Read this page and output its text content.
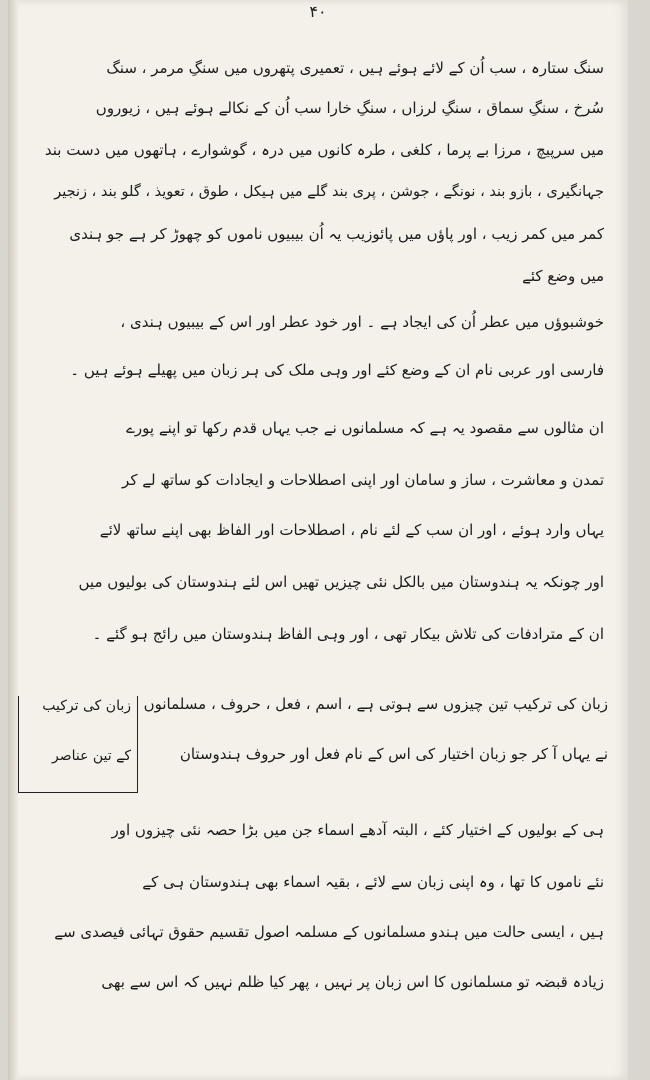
۴۰
سنگ ستارہ ، سب اُن کے لائے ہوئے ہیں ، تعمیری پتھروں میں سنگِ مرمر ، سنگ
سُرخ ، سنگِ سماق ، سنگِ لرزاں ، سنگِ خارا سب اُن کے نکالے ہوئے ہیں ، زیوروں
میں سرپیچ ، مرزا بے پرما ، کلغی ، طرہ کانوں میں درہ ، گوشوارے ، ہاتھوں میں دست بند
جہانگیری ، بازو بند ، نونگے ، جوشن ، پری بند گلے میں ہیکل ، طوق ، تعویذ ، گلو بند ، زنجیر
کمر میں کمر زیب ، اور پاؤں میں پائوزیب یہ اُن بیبیوں ناموں کو چھوڑ کر ہے جو ہندی
میں وضع کئے
خوشبوؤں میں عطر اُن کی ایجاد ہے ۔ اور خود عطر اور اس کے بیبیوں ہندی ،
فارسی اور عربی نام ان کے وضع کئے اور وہی ملک کی ہر زبان میں پھیلے ہوئے ہیں ۔
ان مثالوں سے مقصود یہ ہے کہ مسلمانوں نے جب یہاں قدم رکھا تو اپنے پورے
تمدن و معاشرت ، ساز و سامان اور اپنی اصطلاحات و ایجادات کو ساتھ لے کر
یہاں وارد ہوئے ، اور ان سب کے لئے نام ، اصطلاحات اور الفاظ بھی اپنے ساتھ لائے
اور چونکہ یہ ہندوستان میں بالکل نئی چیزیں تھیں اس لئے ہندوستان کی بولیوں میں
ان کے مترادفات کی تلاش بیکار تھی ، اور وہی الفاظ ہندوستان میں رائج ہو گئے ۔
زبان کی ترکیب تین چیزوں سے ہوتی ہے ، اسم ، فعل ، حروف ، مسلمانوں
نے یہاں آ کر جو زبان اختیار کی اس کے نام فعل اور حروف ہندوستان
زبان کی ترکیب
کے تین عناصر
ہی کے بولیوں کے اختیار کئے ، البتہ آدھے اسماء جن میں بڑا حصہ نئی چیزوں اور
نئے ناموں کا تھا ، وہ اپنی زبان سے لائے ، بقیہ اسماء بھی ہندوستان ہی کے
ہیں ، ایسی حالت میں ہندو مسلمانوں کے مسلمہ اصول تقسیم حقوق تہائی فیصدی سے
زیادہ قبضہ تو مسلمانوں کا اس زبان پر نہیں ، پھر کیا ظلم نہیں کہ اس سے بھی
